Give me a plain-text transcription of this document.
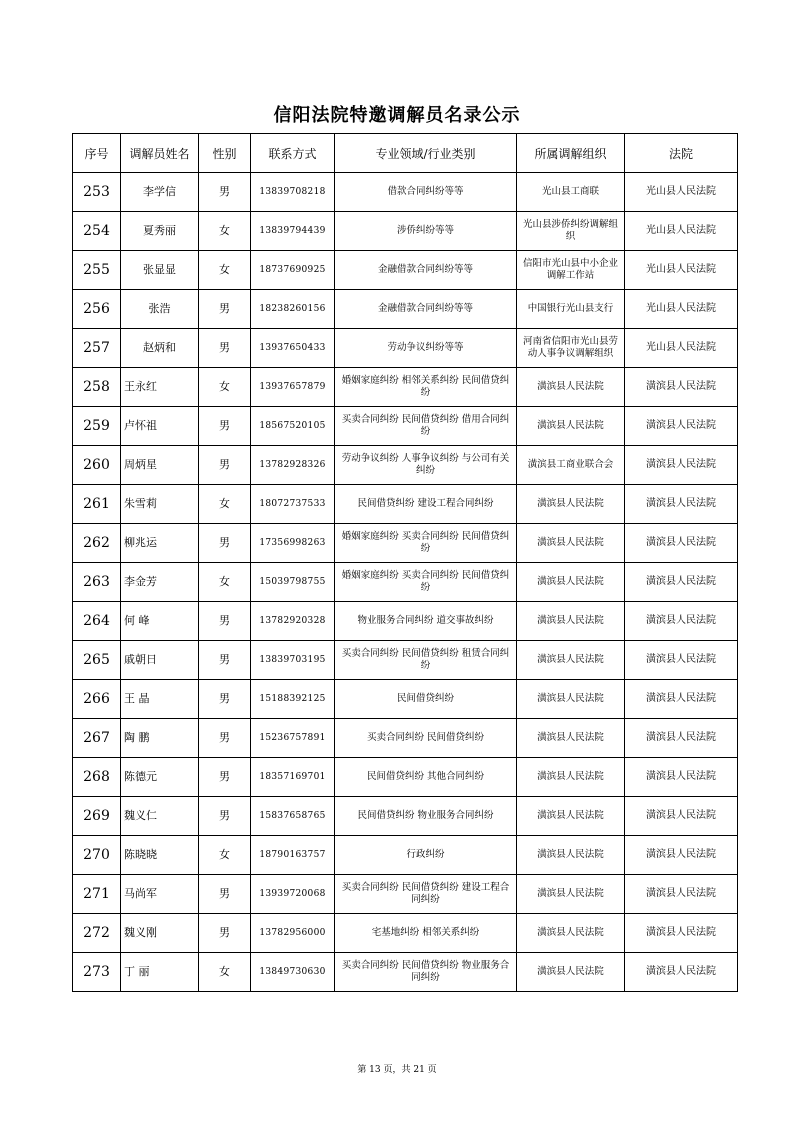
信阳法院特邀调解员名录公示
序号	调解员姓名	性别	联系方式	专业领域/行业类别	所属调解组织	法院
253	李学信	男	13839708218	借款合同纠纷等等	光山县工商联	光山县人民法院
254	夏秀丽	女	13839794439	涉侨纠纷等等	光山县涉侨纠纷调解组织	光山县人民法院
255	张显显	女	18737690925	金融借款合同纠纷等等	信阳市光山县中小企业调解工作站	光山县人民法院
256	张浩	男	18238260156	金融借款合同纠纷等等	中国银行光山县支行	光山县人民法院
257	赵炳和	男	13937650433	劳动争议纠纷等等	河南省信阳市光山县劳动人事争议调解组织	光山县人民法院
258	王永红	女	13937657879	婚姻家庭纠纷 相邻关系纠纷 民间借贷纠纷	潢滨县人民法院	潢滨县人民法院
259	卢怀祖	男	18567520105	买卖合同纠纷 民间借贷纠纷 借用合同纠纷	潢滨县人民法院	潢滨县人民法院
260	周炳星	男	13782928326	劳动争议纠纷 人事争议纠纷 与公司有关纠纷	潢滨县工商业联合会	潢滨县人民法院
261	朱雪莉	女	18072737533	民间借贷纠纷 建设工程合同纠纷	潢滨县人民法院	潢滨县人民法院
262	柳兆运	男	17356998263	婚姻家庭纠纷 买卖合同纠纷 民间借贷纠纷	潢滨县人民法院	潢滨县人民法院
263	李金芳	女	15039798755	婚姻家庭纠纷 买卖合同纠纷 民间借贷纠纷	潢滨县人民法院	潢滨县人民法院
264	何 峰	男	13782920328	物业服务合同纠纷 道交事故纠纷	潢滨县人民法院	潢滨县人民法院
265	戚朝日	男	13839703195	买卖合同纠纷 民间借贷纠纷 租赁合同纠纷	潢滨县人民法院	潢滨县人民法院
266	王 晶	男	15188392125	民间借贷纠纷	潢滨县人民法院	潢滨县人民法院
267	陶 鹏	男	15236757891	买卖合同纠纷 民间借贷纠纷	潢滨县人民法院	潢滨县人民法院
268	陈德元	男	18357169701	民间借贷纠纷 其他合同纠纷	潢滨县人民法院	潢滨县人民法院
269	魏义仁	男	15837658765	民间借贷纠纷 物业服务合同纠纷	潢滨县人民法院	潢滨县人民法院
270	陈晓晓	女	18790163757	行政纠纷	潢滨县人民法院	潢滨县人民法院
271	马尚军	男	13939720068	买卖合同纠纷 民间借贷纠纷 建设工程合同纠纷	潢滨县人民法院	潢滨县人民法院
272	魏义刚	男	13782956000	宅基地纠纷 相邻关系纠纷	潢滨县人民法院	潢滨县人民法院
273	丁 丽	女	13849730630	买卖合同纠纷 民间借贷纠纷 物业服务合同纠纷	潢滨县人民法院	潢滨县人民法院
第 13 页，共 21 页
